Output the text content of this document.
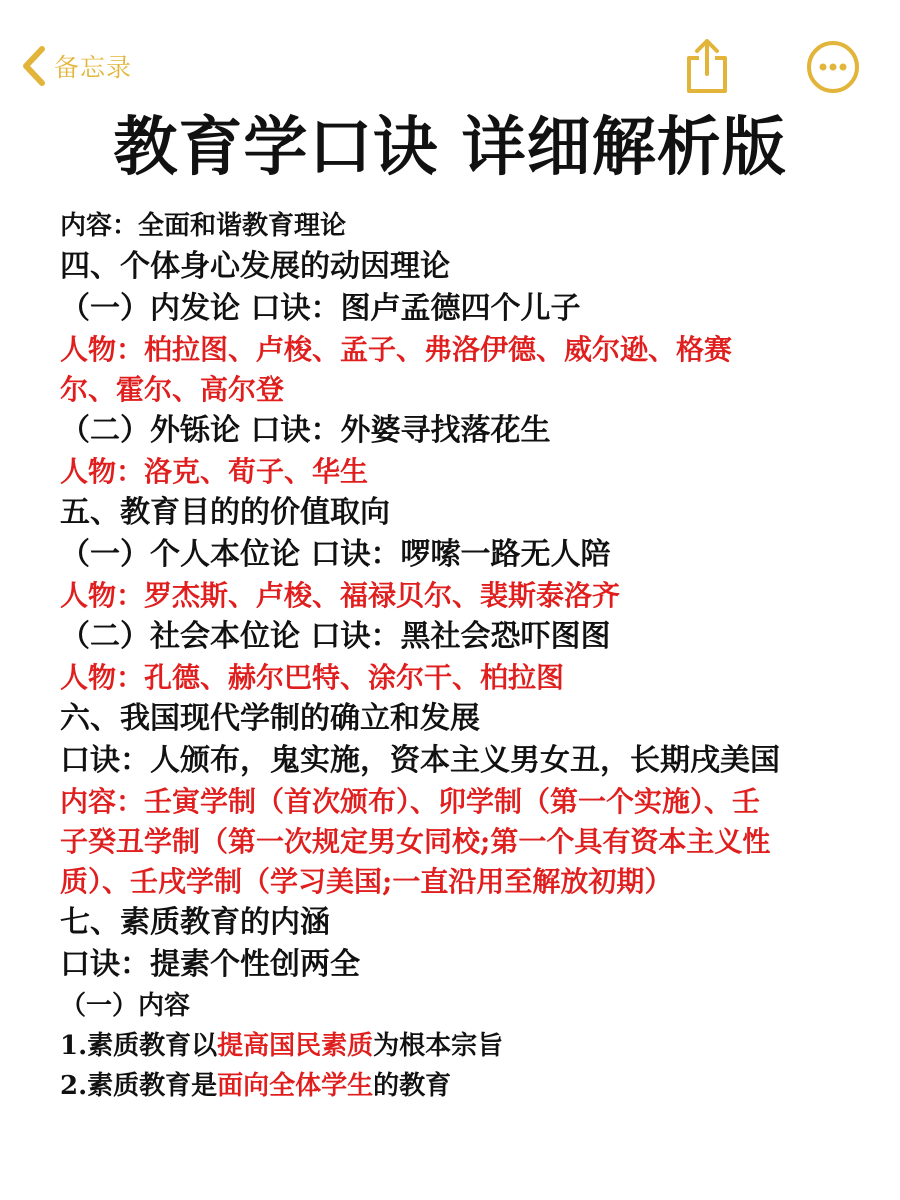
备忘录
教育学口诀 详细解析版
内容：全面和谐教育理论
四、个体身心发展的动因理论
（一）内发论 口诀：图卢孟德四个儿子
人物：柏拉图、卢梭、孟子、弗洛伊德、威尔逊、格赛
尔、霍尔、高尔登
（二）外铄论 口诀：外婆寻找落花生
人物：洛克、荀子、华生
五、教育目的的价值取向
（一）个人本位论 口诀：啰嗦一路无人陪
人物：罗杰斯、卢梭、福禄贝尔、裴斯泰洛齐
（二）社会本位论 口诀：黑社会恐吓图图
人物：孔德、赫尔巴特、涂尔干、柏拉图
六、我国现代学制的确立和发展
口诀：人颁布，鬼实施，资本主义男女丑，长期戌美国
内容：壬寅学制（首次颁布）、卯学制（第一个实施）、壬
子癸丑学制（第一次规定男女同校;第一个具有资本主义性
质）、壬戌学制（学习美国;一直沿用至解放初期）
七、素质教育的内涵
口诀：提素个性创两全
（一）内容
1.素质教育以提高国民素质为根本宗旨
2.素质教育是面向全体学生的教育
